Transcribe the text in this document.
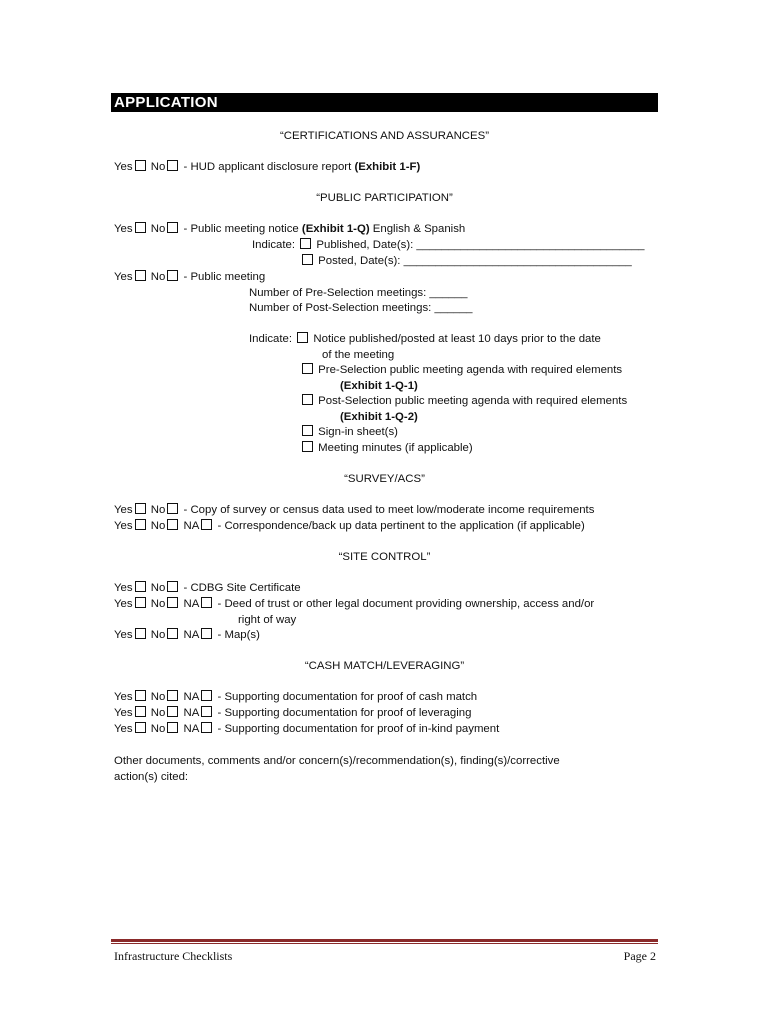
APPLICATION
“CERTIFICATIONS AND ASSURANCES”
Yes No - HUD applicant disclosure report (Exhibit 1-F)
“PUBLIC PARTICIPATION”
Yes No - Public meeting notice (Exhibit 1-Q) English & Spanish
Indicate: Published, Date(s): ____________________________________
Posted, Date(s): ____________________________________
Yes No - Public meeting
Number of Pre-Selection meetings: ______
Number of Post-Selection meetings: ______
Indicate: Notice published/posted at least 10 days prior to the date
of the meeting
Pre-Selection public meeting agenda with required elements
(Exhibit 1-Q-1)
Post-Selection public meeting agenda with required elements
(Exhibit 1-Q-2)
Sign-in sheet(s)
Meeting minutes (if applicable)
“SURVEY/ACS”
Yes No - Copy of survey or census data used to meet low/moderate income requirements
Yes No NA - Correspondence/back up data pertinent to the application (if applicable)
“SITE CONTROL”
Yes No - CDBG Site Certificate
Yes No NA - Deed of trust or other legal document providing ownership, access and/or
right of way
Yes No NA - Map(s)
“CASH MATCH/LEVERAGING”
Yes No NA - Supporting documentation for proof of cash match
Yes No NA - Supporting documentation for proof of leveraging
Yes No NA - Supporting documentation for proof of in-kind payment
Other documents, comments and/or concern(s)/recommendation(s), finding(s)/corrective
action(s) cited:
Infrastructure Checklists	Page 2
